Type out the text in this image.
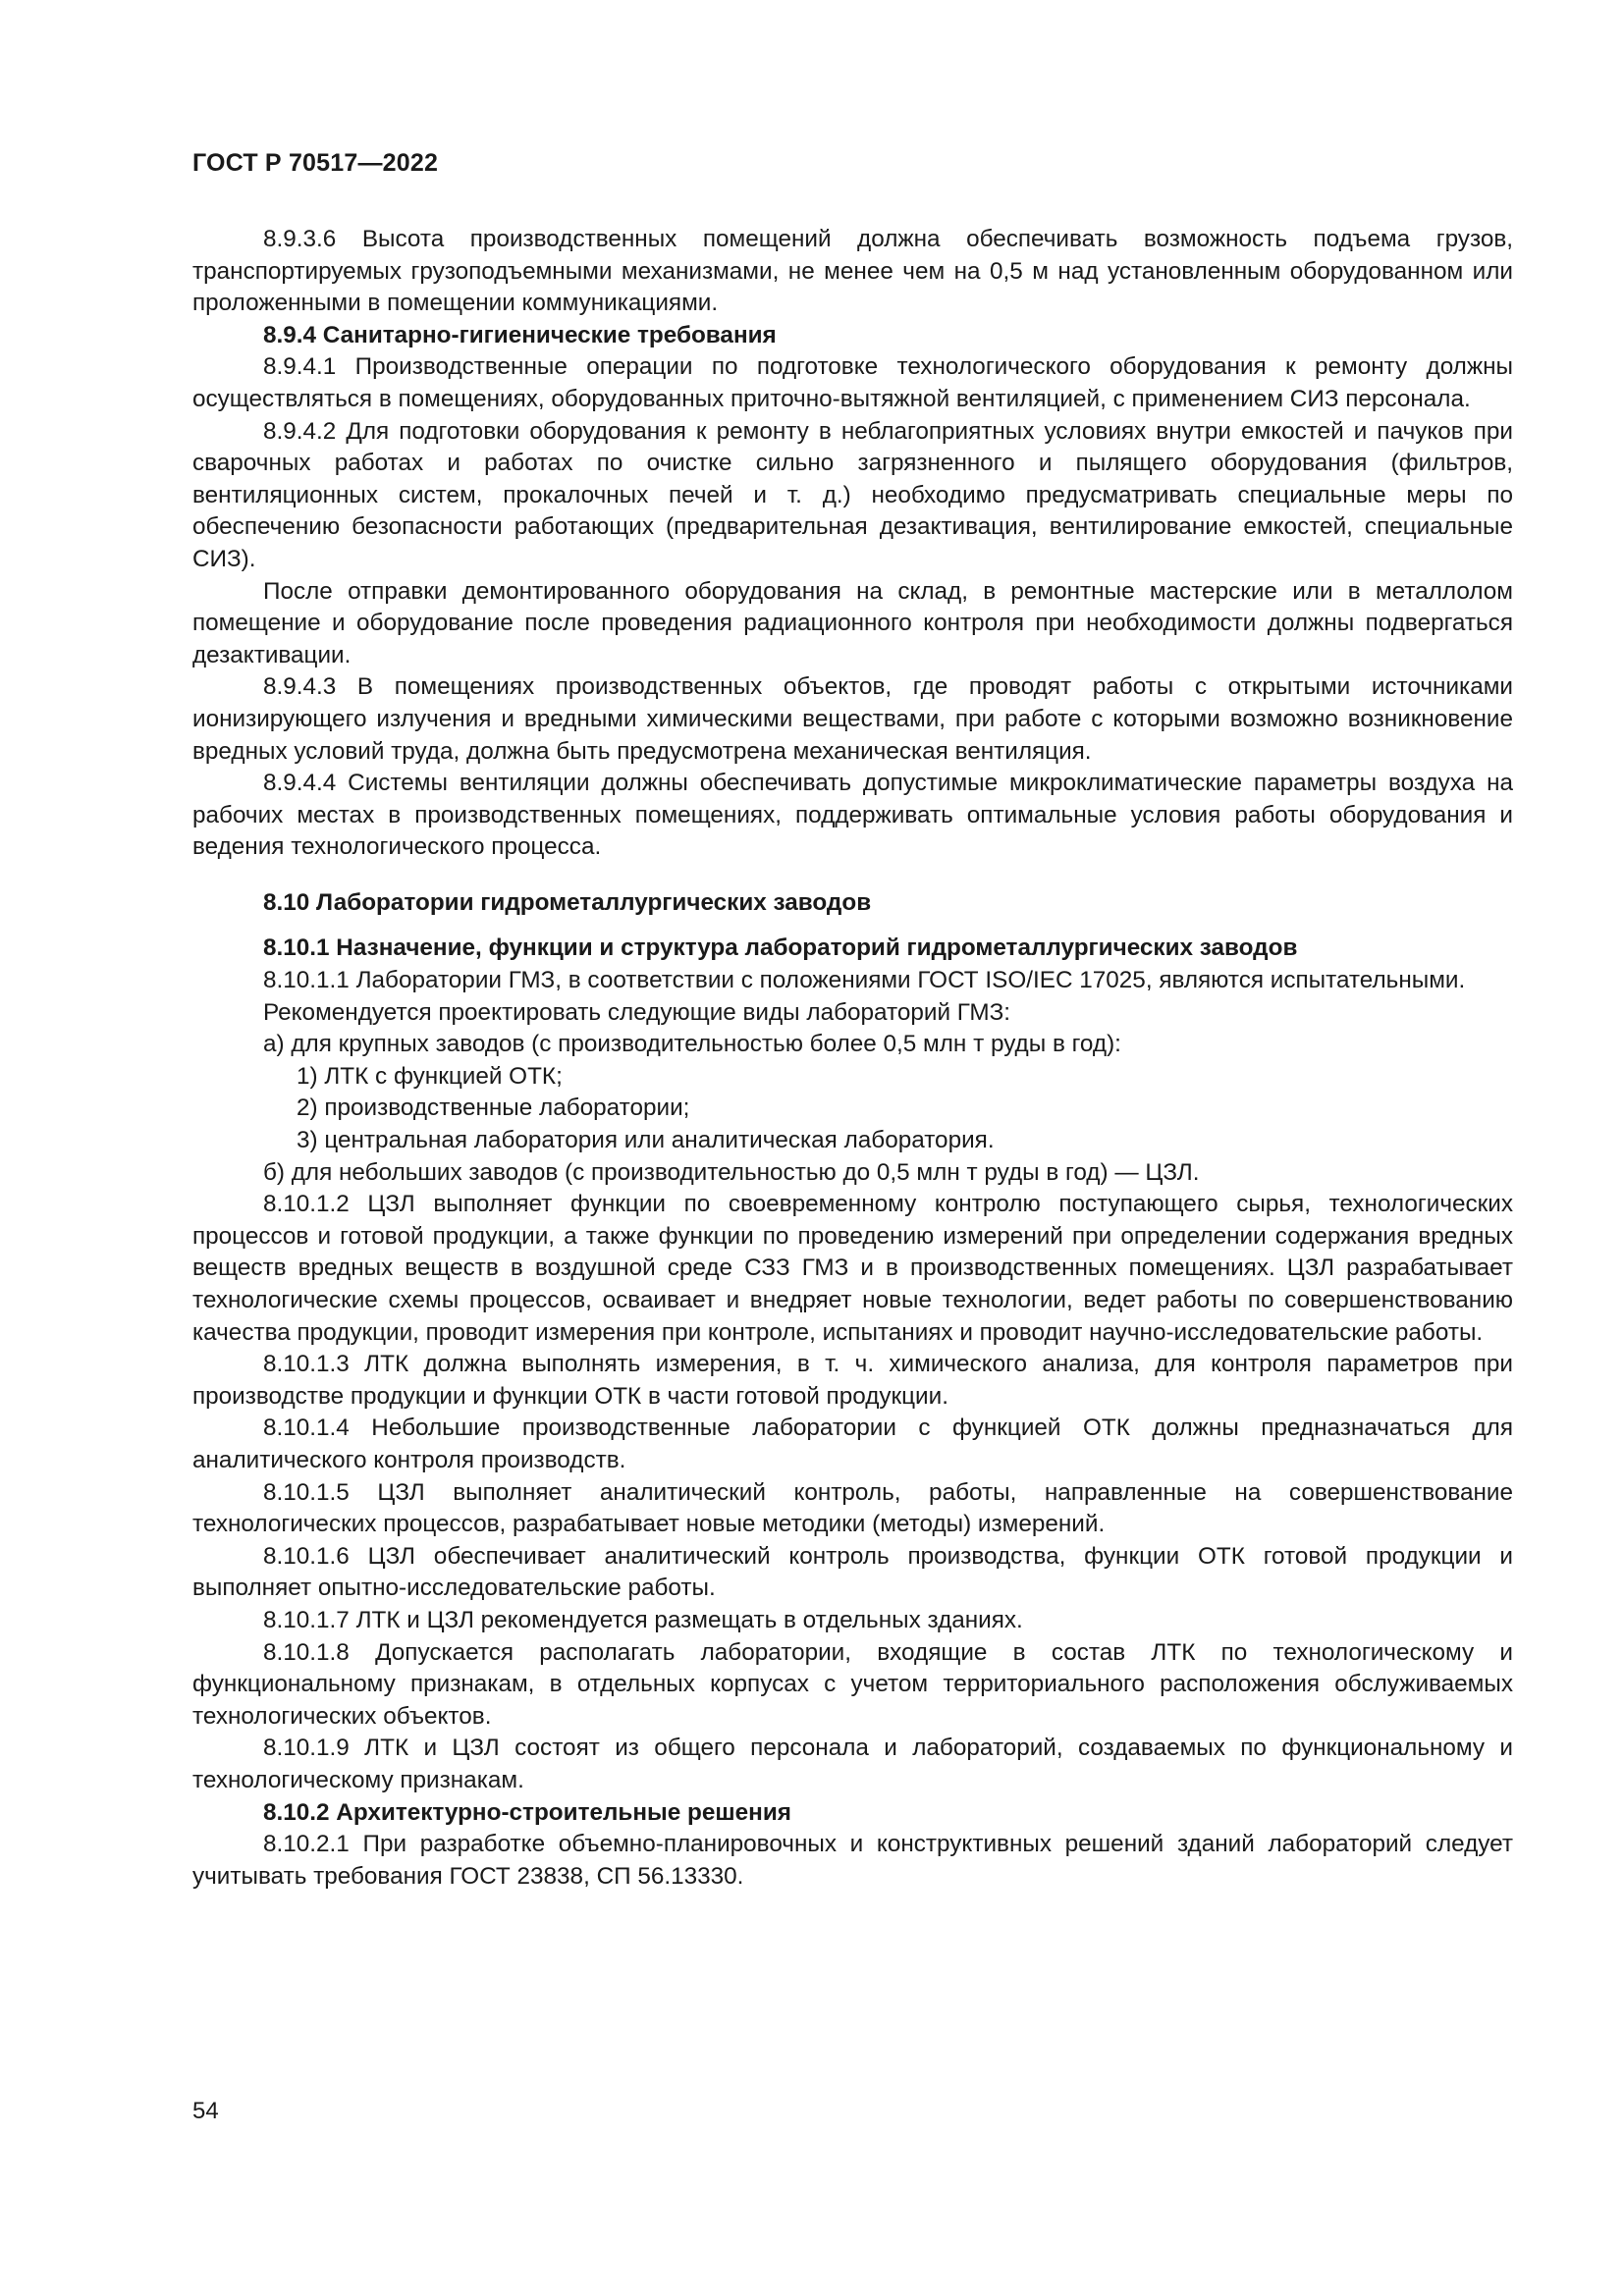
ГОСТ Р 70517—2022

8.9.3.6 Высота производственных помещений должна обеспечивать возможность подъема грузов, транспортируемых грузоподъемными механизмами, не менее чем на 0,5 м над установленным оборудованном или проложенными в помещении коммуникациями.

8.9.4 Санитарно-гигиенические требования

8.9.4.1 Производственные операции по подготовке технологического оборудования к ремонту должны осуществляться в помещениях, оборудованных приточно-вытяжной вентиляцией, с применением СИЗ персонала.

8.9.4.2 Для подготовки оборудования к ремонту в неблагоприятных условиях внутри емкостей и пачуков при сварочных работах и работах по очистке сильно загрязненного и пылящего оборудования (фильтров, вентиляционных систем, прокалочных печей и т. д.) необходимо предусматривать специальные меры по обеспечению безопасности работающих (предварительная дезактивация, вентилирование емкостей, специальные СИЗ).

После отправки демонтированного оборудования на склад, в ремонтные мастерские или в металлолом помещение и оборудование после проведения радиационного контроля при необходимости должны подвергаться дезактивации.

8.9.4.3 В помещениях производственных объектов, где проводят работы с открытыми источниками ионизирующего излучения и вредными химическими веществами, при работе с которыми возможно возникновение вредных условий труда, должна быть предусмотрена механическая вентиляция.

8.9.4.4 Системы вентиляции должны обеспечивать допустимые микроклиматические параметры воздуха на рабочих местах в производственных помещениях, поддерживать оптимальные условия работы оборудования и ведения технологического процесса.

8.10 Лаборатории гидрометаллургических заводов

8.10.1 Назначение, функции и структура лабораторий гидрометаллургических заводов

8.10.1.1 Лаборатории ГМЗ, в соответствии с положениями ГОСТ ISO/IEC 17025, являются испытательными.

Рекомендуется проектировать следующие виды лабораторий ГМЗ:

а) для крупных заводов (с производительностью более 0,5 млн т руды в год):

1) ЛТК с функцией ОТК;

2) производственные лаборатории;

3) центральная лаборатория или аналитическая лаборатория.

б) для небольших заводов (с производительностью до 0,5 млн т руды в год) — ЦЗЛ.

8.10.1.2 ЦЗЛ выполняет функции по своевременному контролю поступающего сырья, технологических процессов и готовой продукции, а также функции по проведению измерений при определении содержания вредных веществ вредных веществ в воздушной среде СЗЗ ГМЗ и в производственных помещениях. ЦЗЛ разрабатывает технологические схемы процессов, осваивает и внедряет новые технологии, ведет работы по совершенствованию качества продукции, проводит измерения при контроле, испытаниях и проводит научно-исследовательские работы.

8.10.1.3 ЛТК должна выполнять измерения, в т. ч. химического анализа, для контроля параметров при производстве продукции и функции ОТК в части готовой продукции.

8.10.1.4 Небольшие производственные лаборатории с функцией ОТК должны предназначаться для аналитического контроля производств.

8.10.1.5 ЦЗЛ выполняет аналитический контроль, работы, направленные на совершенствование технологических процессов, разрабатывает новые методики (методы) измерений.

8.10.1.6 ЦЗЛ обеспечивает аналитический контроль производства, функции ОТК готовой продукции и выполняет опытно-исследовательские работы.

8.10.1.7 ЛТК и ЦЗЛ рекомендуется размещать в отдельных зданиях.

8.10.1.8 Допускается располагать лаборатории, входящие в состав ЛТК по технологическому и функциональному признакам, в отдельных корпусах с учетом территориального расположения обслуживаемых технологических объектов.

8.10.1.9 ЛТК и ЦЗЛ состоят из общего персонала и лабораторий, создаваемых по функциональному и технологическому признакам.

8.10.2 Архитектурно-строительные решения

8.10.2.1 При разработке объемно-планировочных и конструктивных решений зданий лабораторий следует учитывать требования ГОСТ 23838, СП 56.13330.

54
